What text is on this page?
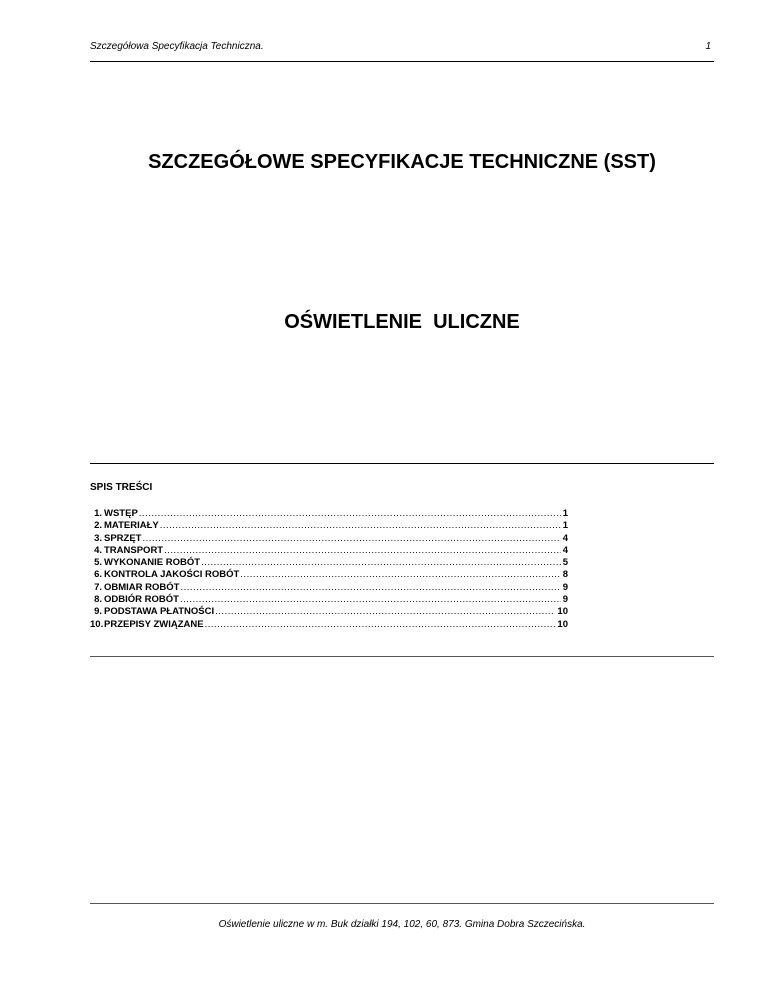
Szczegółowa Specyfikacja Techniczna.	1
SZCZEGÓŁOWE SPECYFIKACJE TECHNICZNE (SST)
OŚWIETLENIE  ULICZNE
SPIS TREŚCI
1. WSTĘP .....	1
2. MATERIAŁY .....	1
3. SPRZĘT .....	4
4. TRANSPORT .....	4
5. WYKONANIE ROBÓT .....	5
6. KONTROLA JAKOŚCI ROBÓT .....	8
7. OBMIAR ROBÓT .....	9
8. ODBIÓR ROBÓT .....	9
9. PODSTAWA PŁATNOŚCI .....	10
10. PRZEPISY ZWIĄZANE .....	10
Oświetlenie uliczne w m. Buk działki 194, 102, 60, 873. Gmina Dobra Szczecińska.
